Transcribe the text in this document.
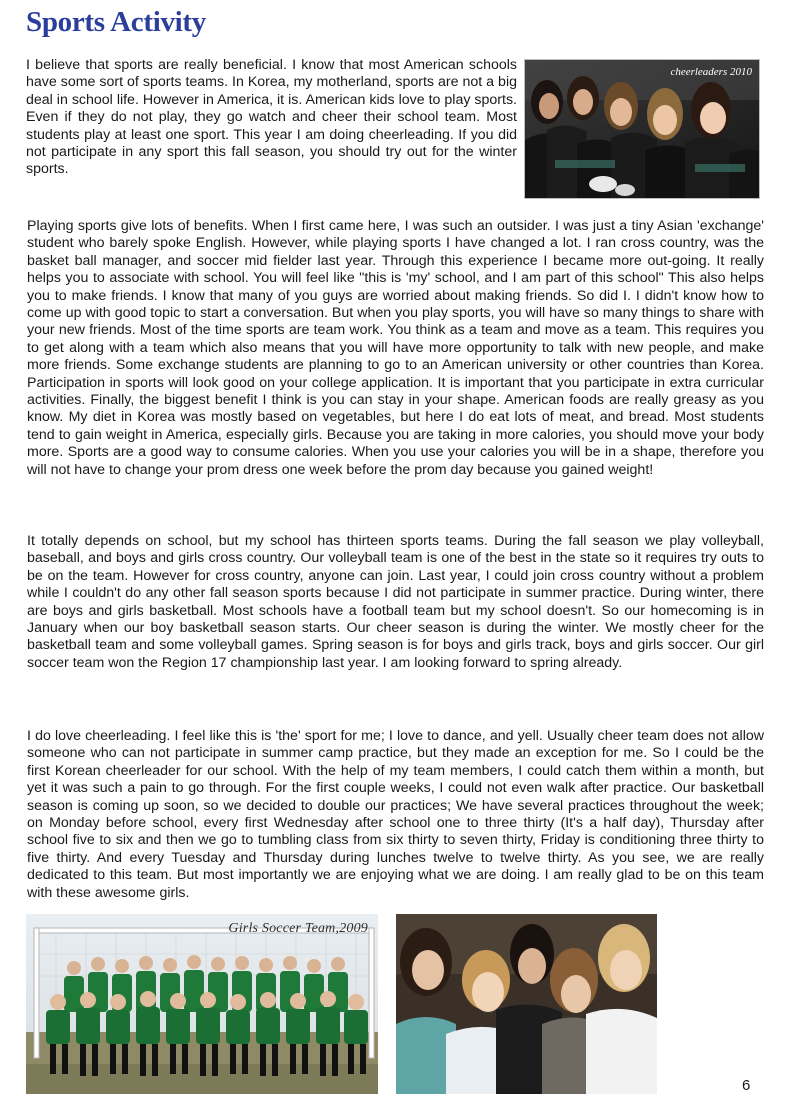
Sports Activity

I believe that sports are really beneficial. I know that most American schools have some sort of sports teams. In Korea, my motherland, sports are not a big deal in school life. However in America, it is. American kids love to play sports. Even if they do not play, they go watch and cheer their school team. Most students play at least one sport. This year I am doing cheerleading. If you did not participate in any sport this fall season, you should try out for the winter sports.

cheerleaders 2010

Playing sports give lots of benefits. When I first came here, I was such an outsider. I was just a tiny Asian 'exchange' student who barely spoke English. However, while playing sports I have changed a lot. I ran cross country, was the basket ball manager, and soccer mid fielder last year. Through this experience I became more out-going. It really helps you to associate with school. You will feel like "this is 'my' school, and I am part of this school" This also helps you to make friends. I know that many of you guys are worried about making friends. So did I. I didn't know how to come up with good topic to start a conversation. But when you play sports, you will have so many things to share with your new friends. Most of the time sports are team work. You think as a team and move as a team. This requires you to get along with a team which also means that you will have more opportunity to talk with new people, and make more friends. Some exchange students are planning to go to an American university or other countries than Korea. Participation in sports will look good on your college application. It is important that you participate in extra curricular activities. Finally, the biggest benefit I think is you can stay in your shape. American foods are really greasy as you know. My diet in Korea was mostly based on vegetables, but here I do eat lots of meat, and bread. Most students tend to gain weight in America, especially girls. Because you are taking in more calories, you should move your body more. Sports are a good way to consume calories. When you use your calories you will be in a shape, therefore you will not have to change your prom dress one week before the prom day because you gained weight!

It totally depends on school, but my school has thirteen sports teams. During the fall season we play volleyball, baseball, and boys and girls cross country. Our volleyball team is one of the best in the state so it requires try outs to be on the team. However for cross country, anyone can join. Last year, I could join cross country without a problem while I couldn't do any other fall season sports because I did not participate in summer practice. During winter, there are boys and girls basketball. Most schools have a football team but my school doesn't. So our homecoming is in January when our boy basketball season starts. Our cheer season is during the winter. We mostly cheer for the basketball team and some volleyball games. Spring season is for boys and girls track, boys and girls soccer. Our girl soccer team won the Region 17 championship last year. I am looking forward to spring already.

I do love cheerleading. I feel like this is 'the' sport for me; I love to dance, and yell. Usually cheer team does not allow someone who can not participate in summer camp practice, but they made an exception for me. So I could be the first Korean cheerleader for our school. With the help of my team members, I could catch them within a month, but yet it was such a pain to go through. For the first couple weeks, I could not even walk after practice. Our basketball season is coming up soon, so we decided to double our practices; We have several practices throughout the week; on Monday before school, every first Wednesday after school one to three thirty (It's a half day), Thursday after school five to six and then we go to tumbling class from six thirty to seven thirty, Friday is conditioning three thirty to five thirty. And every Tuesday and Thursday during lunches twelve to twelve thirty. As you see, we are really dedicated to this team. But most importantly we are enjoying what we are doing. I am really glad to be on this team with these awesome girls.

Girls Soccer Team,2009
6
